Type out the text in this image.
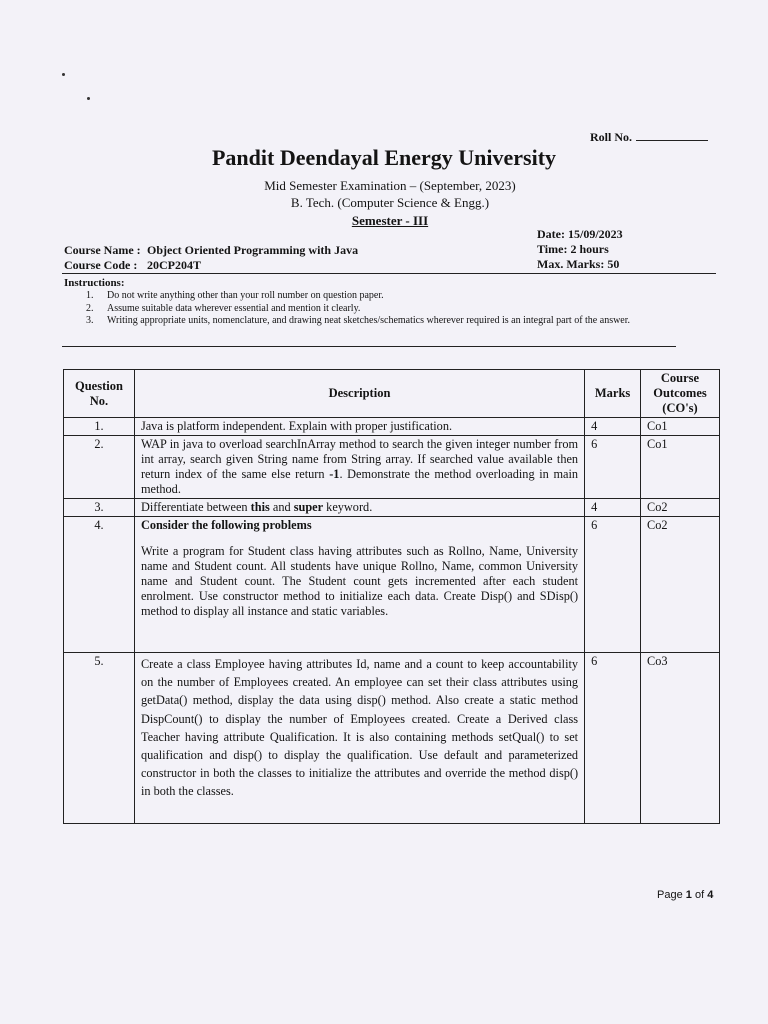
Roll No.
Pandit Deendayal Energy University
Mid Semester Examination – (September, 2023)
B. Tech. (Computer Science & Engg.)
Semester - III
Date: 15/09/2023
Time: 2 hours
Max. Marks: 50
Course Name : Object Oriented Programming with Java
Course Code : 20CP204T
Instructions:
1. Do not write anything other than your roll number on question paper.
2. Assume suitable data wherever essential and mention it clearly.
3. Writing appropriate units, nomenclature, and drawing neat sketches/schematics wherever required is an integral part of the answer.
Question No.	Description	Marks	Course Outcomes (CO's)
1.	Java is platform independent. Explain with proper justification.	4	Co1
2.	WAP in java to overload searchInArray method to search the given integer number from int array, search given String name from String array. If searched value available then return index of the same else return -1. Demonstrate the method overloading in main method.	6	Co1
3.	Differentiate between this and super keyword.	4	Co2
4.	Consider the following problems

Write a program for Student class having attributes such as Rollno, Name, University name and Student count. All students have unique Rollno, Name, common University name and Student count. The Student count gets incremented after each student enrolment. Use constructor method to initialize each data. Create Disp() and SDisp() method to display all instance and static variables.	6	Co2
5.	Create a class Employee having attributes Id, name and a count to keep accountability on the number of Employees created. An employee can set their class attributes using getData() method, display the data using disp() method. Also create a static method DispCount() to display the number of Employees created. Create a Derived class Teacher having attribute Qualification. It is also containing methods setQual() to set qualification and disp() to display the qualification. Use default and parameterized constructor in both the classes to initialize the attributes and override the method disp() in both the classes.	6	Co3
Page 1 of 4
